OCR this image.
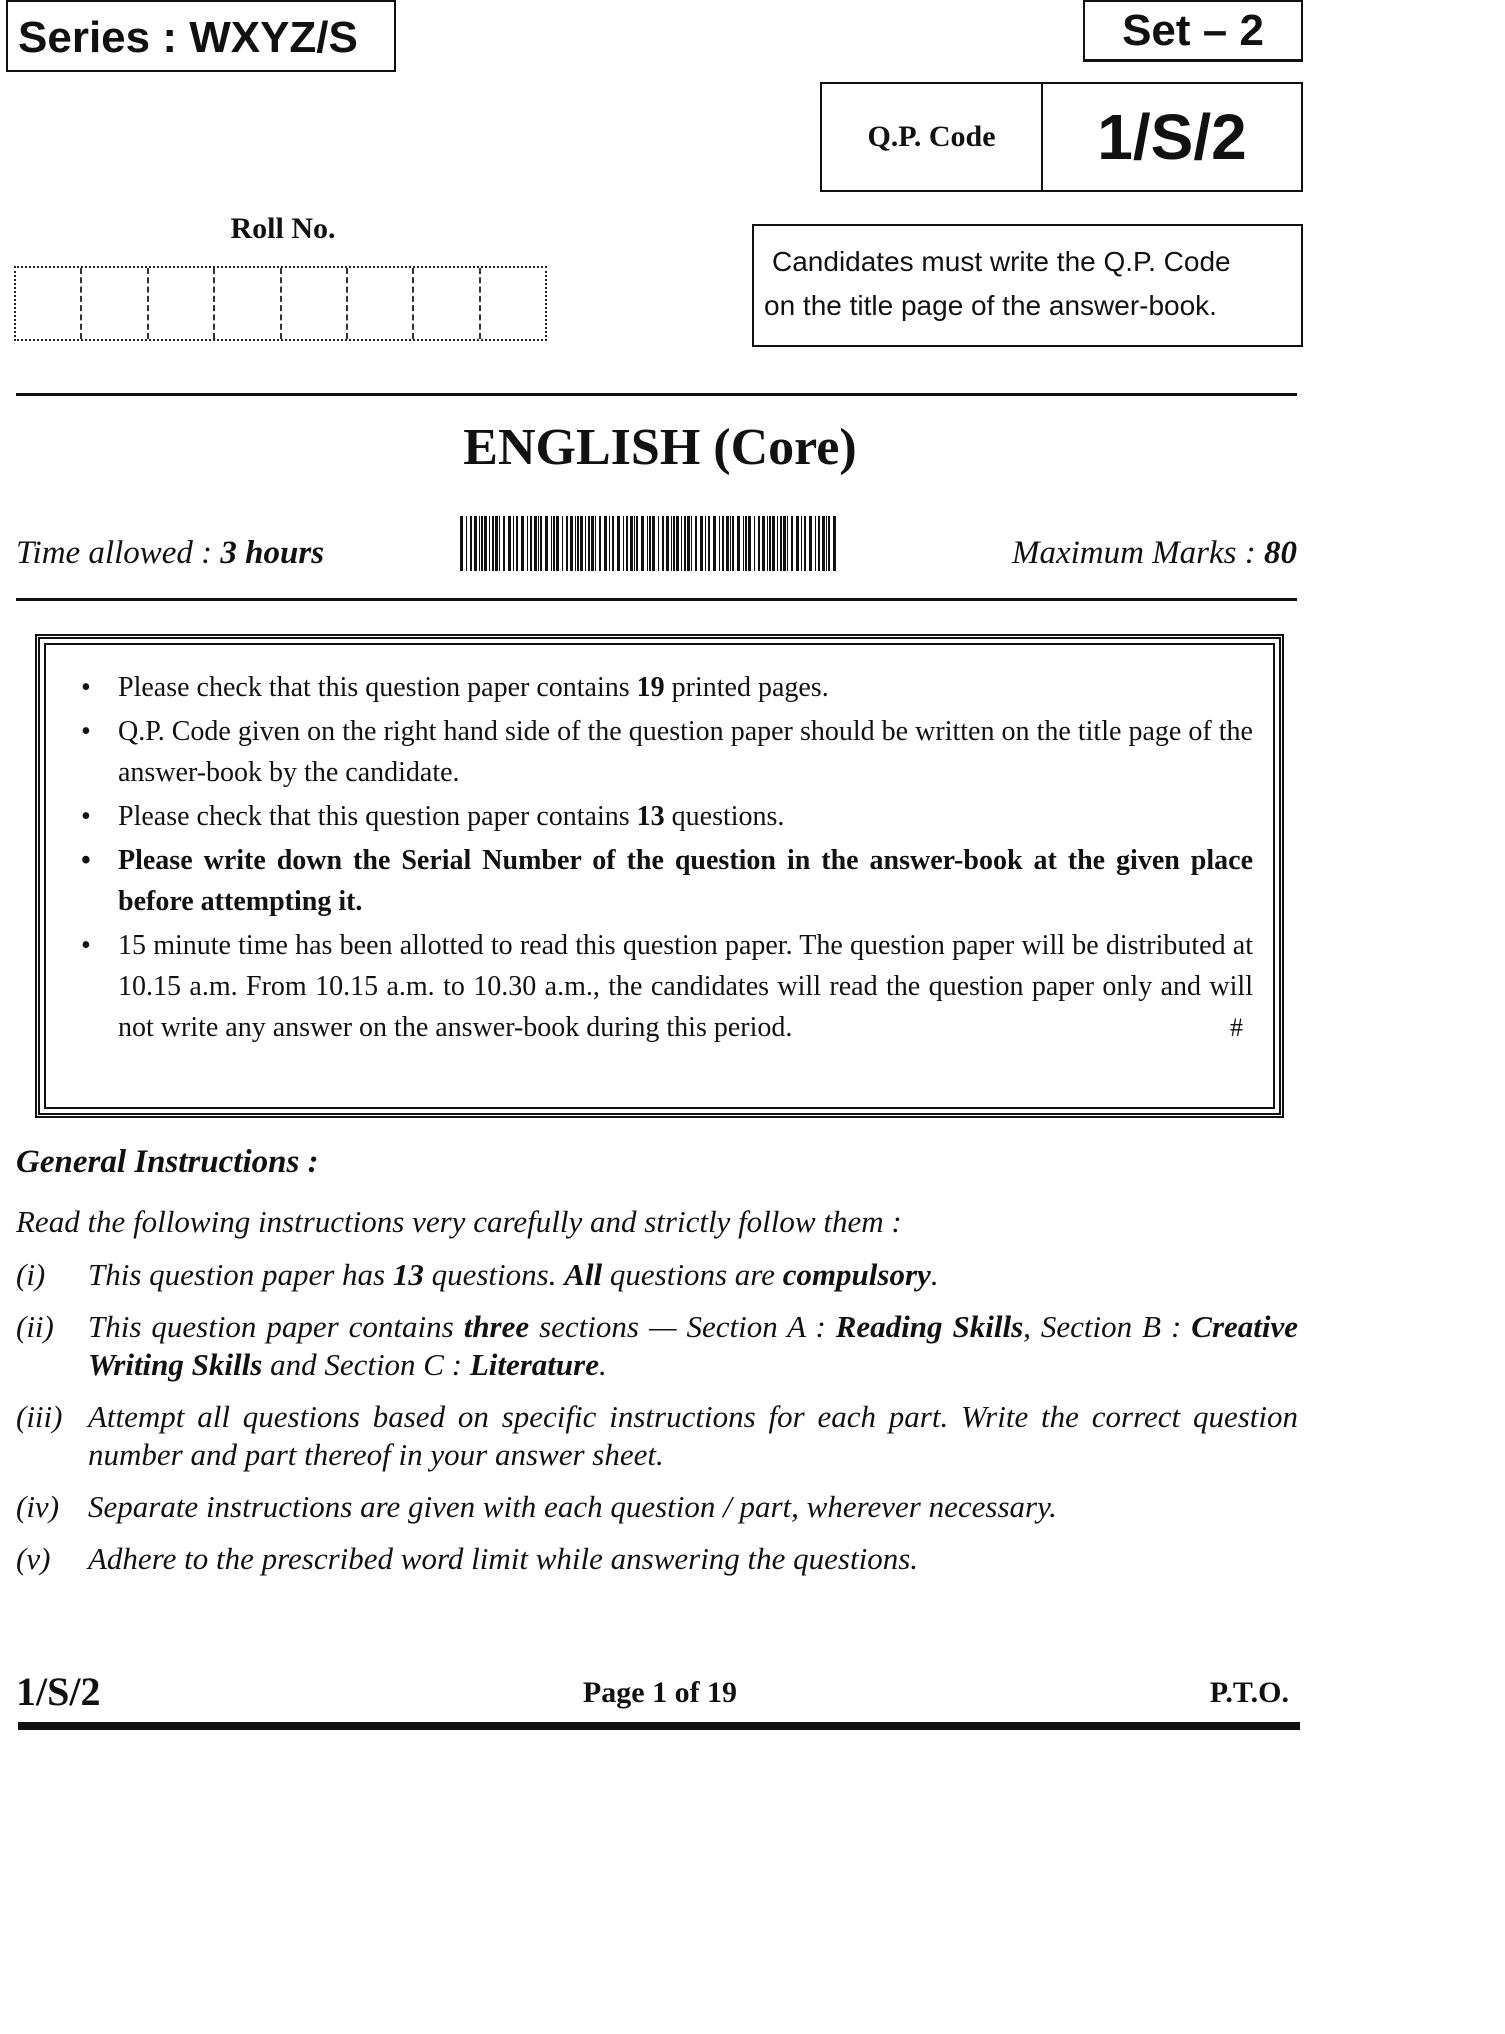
Series : WXYZ/S	Set – 2
Q.P. Code	1/S/2
Roll No.
Candidates must write the Q.P. Code
on the title page of the answer-book.
ENGLISH (Core)
Time allowed : 3 hours	Maximum Marks : 80
• Please check that this question paper contains 19 printed pages.
• Q.P. Code given on the right hand side of the question paper should be written on the title page of the answer-book by the candidate.
• Please check that this question paper contains 13 questions.
• Please write down the Serial Number of the question in the answer-book at the given place before attempting it.
• 15 minute time has been allotted to read this question paper. The question paper will be distributed at 10.15 a.m. From 10.15 a.m. to 10.30 a.m., the candidates will read the question paper only and will not write any answer on the answer-book during this period.	#
General Instructions :
Read the following instructions very carefully and strictly follow them :
(i) This question paper has 13 questions. All questions are compulsory.
(ii) This question paper contains three sections — Section A : Reading Skills, Section B : Creative Writing Skills and Section C : Literature.
(iii) Attempt all questions based on specific instructions for each part. Write the correct question number and part thereof in your answer sheet.
(iv) Separate instructions are given with each question / part, wherever necessary.
(v) Adhere to the prescribed word limit while answering the questions.
1/S/2	Page 1 of 19	P.T.O.
